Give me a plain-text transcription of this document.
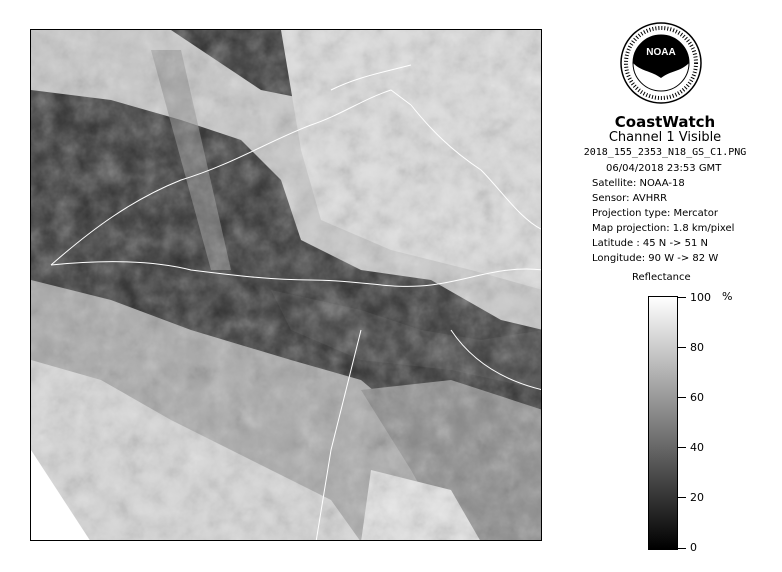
NOAA
CoastWatch
Channel 1 Visible
2018_155_2353_N18_GS_C1.PNG
06/04/2018 23:53 GMT
Satellite: NOAA-18
Sensor: AVHRR
Projection type: Mercator
Map projection: 1.8 km/pixel
Latitude : 45 N -> 51 N
Longitude: 90 W -> 82 W
Reflectance
%
100
80
60
40
20
0
